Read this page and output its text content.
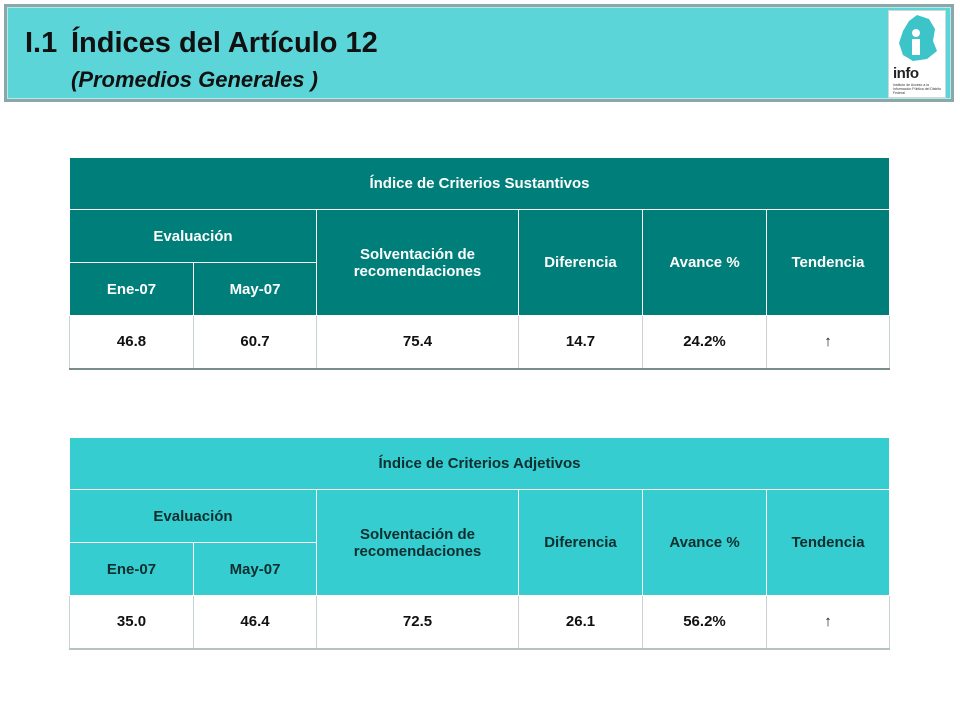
I.1 Índices del Artículo 12
(Promedios Generales )	info
Instituto de Acceso a la Información Pública del Distrito Federal
Índice de Criterios Sustantivos					
Evaluación		Solventación de recomendaciones	Diferencia	Avance %	Tendencia
Ene-07	May-07				
46.8	60.7	75.4	14.7	24.2%	↑
Índice de Criterios Adjetivos					
Evaluación		Solventación de recomendaciones	Diferencia	Avance %	Tendencia
Ene-07	May-07				
35.0	46.4	72.5	26.1	56.2%	↑
